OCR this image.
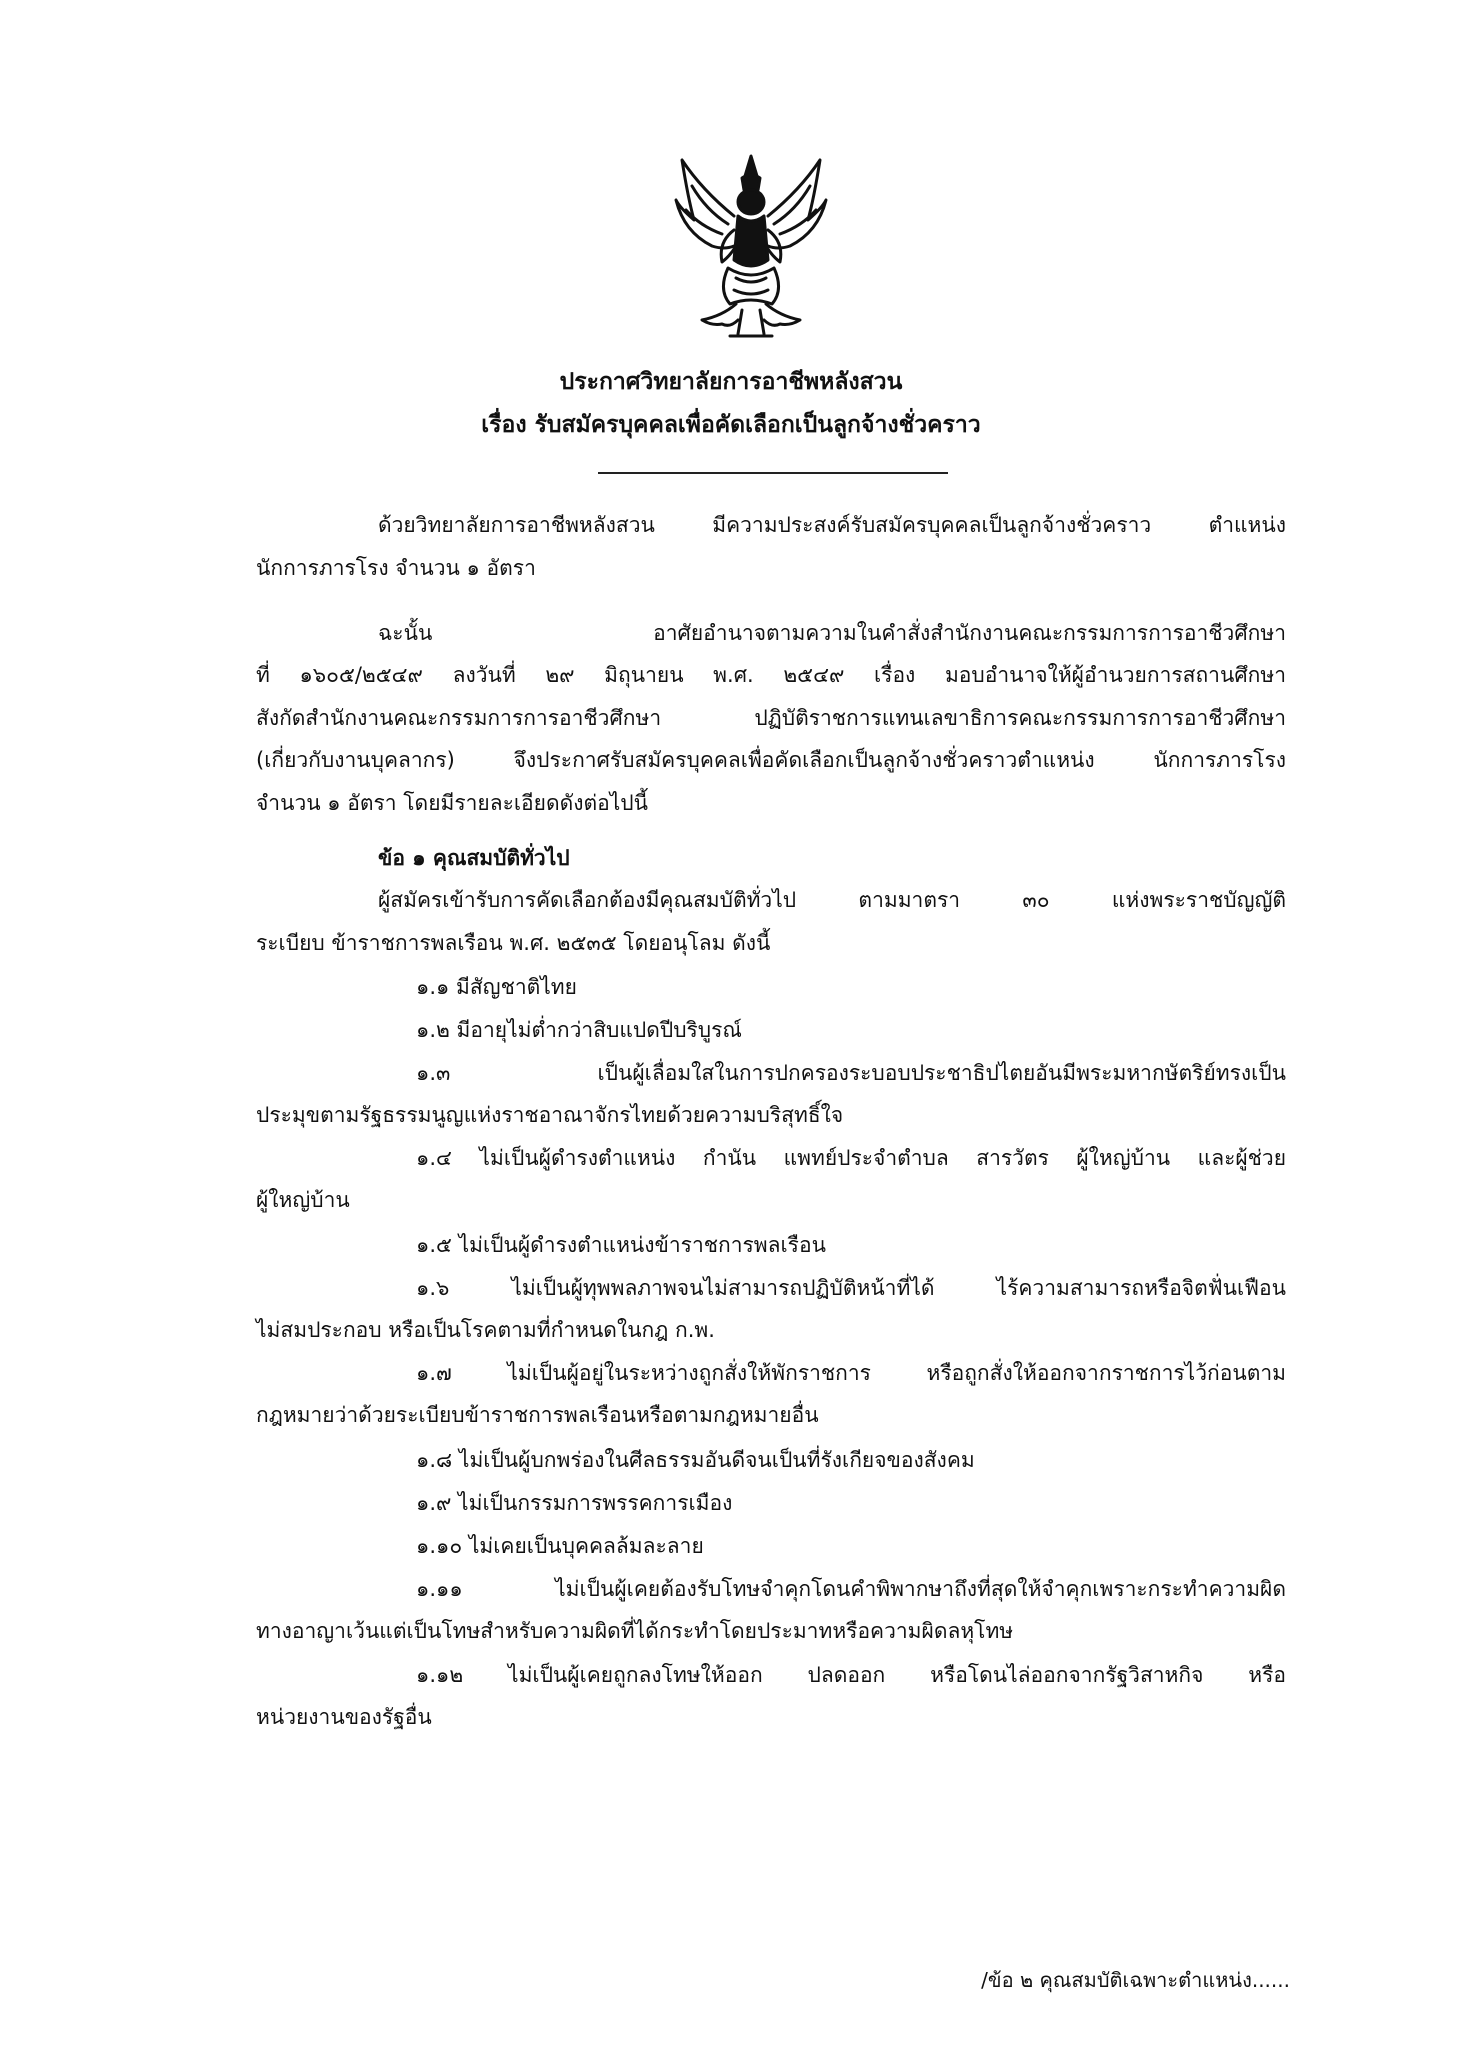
ประกาศวิทยาลัยการอาชีพหลังสวน
เรื่อง รับสมัครบุคคลเพื่อคัดเลือกเป็นลูกจ้างชั่วคราว
ด้วยวิทยาลัยการอาชีพหลังสวน มีความประสงค์รับสมัครบุคคลเป็นลูกจ้างชั่วคราว ตำแหน่ง
นักการภารโรง จำนวน ๑ อัตรา
ฉะนั้น อาศัยอำนาจตามความในคำสั่งสำนักงานคณะกรรมการการอาชีวศึกษา
ที่ ๑๖๐๕/๒๕๔๙ ลงวันที่ ๒๙ มิถุนายน พ.ศ. ๒๕๔๙ เรื่อง มอบอำนาจให้ผู้อำนวยการสถานศึกษา
สังกัดสำนักงานคณะกรรมการการอาชีวศึกษา ปฏิบัติราชการแทนเลขาธิการคณะกรรมการการอาชีวศึกษา
(เกี่ยวกับงานบุคลากร) จึงประกาศรับสมัครบุคคลเพื่อคัดเลือกเป็นลูกจ้างชั่วคราวตำแหน่ง นักการภารโรง
จำนวน ๑ อัตรา โดยมีรายละเอียดดังต่อไปนี้
ข้อ ๑ คุณสมบัติทั่วไป
ผู้สมัครเข้ารับการคัดเลือกต้องมีคุณสมบัติทั่วไป ตามมาตรา ๓๐ แห่งพระราชบัญญัติ
ระเบียบ ข้าราชการพลเรือน พ.ศ. ๒๕๓๕ โดยอนุโลม ดังนี้
๑.๑ มีสัญชาติไทย
๑.๒ มีอายุไม่ต่ำกว่าสิบแปดปีบริบูรณ์
๑.๓ เป็นผู้เลื่อมใสในการปกครองระบอบประชาธิปไตยอันมีพระมหากษัตริย์ทรงเป็น
ประมุขตามรัฐธรรมนูญแห่งราชอาณาจักรไทยด้วยความบริสุทธิ์ใจ
๑.๔ ไม่เป็นผู้ดำรงตำแหน่ง กำนัน แพทย์ประจำตำบล สารวัตร ผู้ใหญ่บ้าน และผู้ช่วย
ผู้ใหญ่บ้าน
๑.๕ ไม่เป็นผู้ดำรงตำแหน่งข้าราชการพลเรือน
๑.๖ ไม่เป็นผู้ทุพพลภาพจนไม่สามารถปฏิบัติหน้าที่ได้ ไร้ความสามารถหรือจิตฟั่นเฟือน
ไม่สมประกอบ หรือเป็นโรคตามที่กำหนดในกฎ ก.พ.
๑.๗ ไม่เป็นผู้อยู่ในระหว่างถูกสั่งให้พักราชการ หรือถูกสั่งให้ออกจากราชการไว้ก่อนตาม
กฎหมายว่าด้วยระเบียบข้าราชการพลเรือนหรือตามกฎหมายอื่น
๑.๘ ไม่เป็นผู้บกพร่องในศีลธรรมอันดีจนเป็นที่รังเกียจของสังคม
๑.๙ ไม่เป็นกรรมการพรรคการเมือง
๑.๑๐ ไม่เคยเป็นบุคคลล้มละลาย
๑.๑๑ ไม่เป็นผู้เคยต้องรับโทษจำคุกโดนคำพิพากษาถึงที่สุดให้จำคุกเพราะกระทำความผิด
ทางอาญาเว้นแต่เป็นโทษสำหรับความผิดที่ได้กระทำโดยประมาทหรือความผิดลหุโทษ
๑.๑๒ ไม่เป็นผู้เคยถูกลงโทษให้ออก ปลดออก หรือโดนไล่ออกจากรัฐวิสาหกิจ หรือ
หน่วยงานของรัฐอื่น
/ข้อ ๒ คุณสมบัติเฉพาะตำแหน่ง......
